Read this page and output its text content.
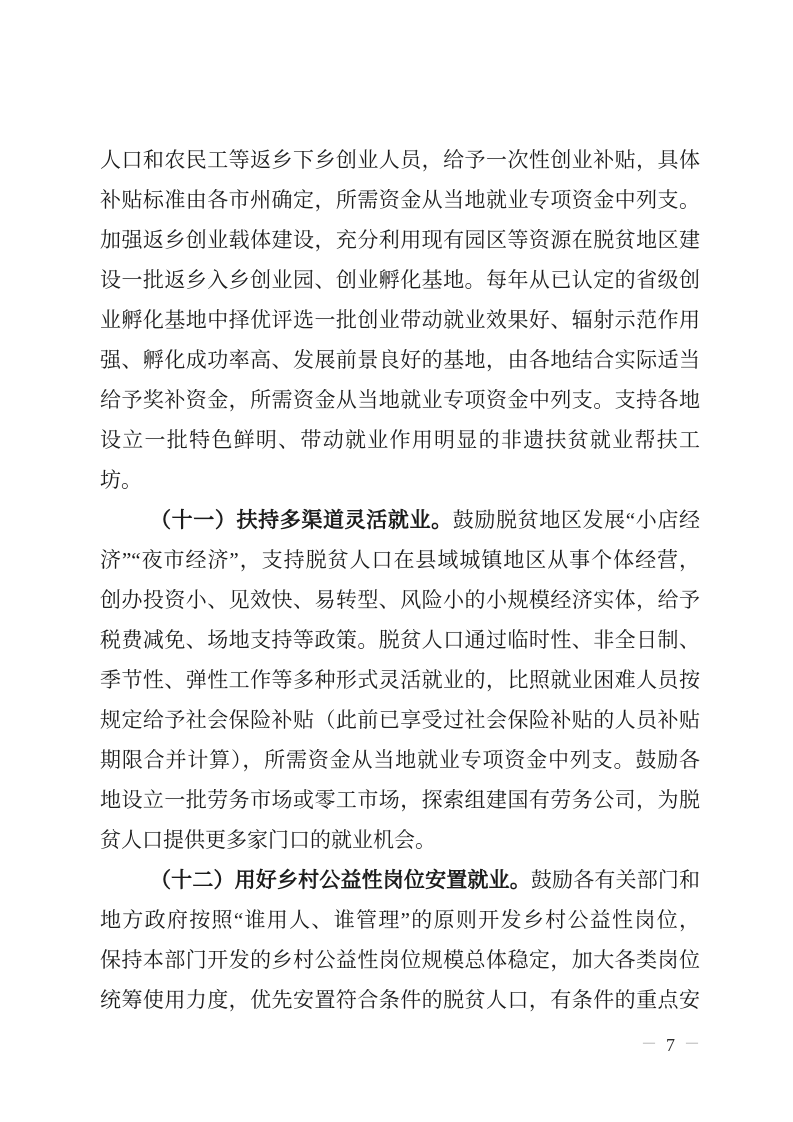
人口和农民工等返乡下乡创业人员，给予一次性创业补贴，具体
补贴标准由各市州确定，所需资金从当地就业专项资金中列支。
加强返乡创业载体建设，充分利用现有园区等资源在脱贫地区建
设一批返乡入乡创业园、创业孵化基地。每年从已认定的省级创
业孵化基地中择优评选一批创业带动就业效果好、辐射示范作用
强、孵化成功率高、发展前景良好的基地，由各地结合实际适当
给予奖补资金，所需资金从当地就业专项资金中列支。支持各地
设立一批特色鲜明、带动就业作用明显的非遗扶贫就业帮扶工
坊。
（十一）扶持多渠道灵活就业。鼓励脱贫地区发展“小店经
济”“夜市经济”，支持脱贫人口在县域城镇地区从事个体经营，
创办投资小、见效快、易转型、风险小的小规模经济实体，给予
税费减免、场地支持等政策。脱贫人口通过临时性、非全日制、
季节性、弹性工作等多种形式灵活就业的，比照就业困难人员按
规定给予社会保险补贴（此前已享受过社会保险补贴的人员补贴
期限合并计算），所需资金从当地就业专项资金中列支。鼓励各
地设立一批劳务市场或零工市场，探索组建国有劳务公司，为脱
贫人口提供更多家门口的就业机会。
（十二）用好乡村公益性岗位安置就业。鼓励各有关部门和
地方政府按照“谁用人、谁管理”的原则开发乡村公益性岗位，
保持本部门开发的乡村公益性岗位规模总体稳定，加大各类岗位
统筹使用力度，优先安置符合条件的脱贫人口，有条件的重点安
－ 7 －
